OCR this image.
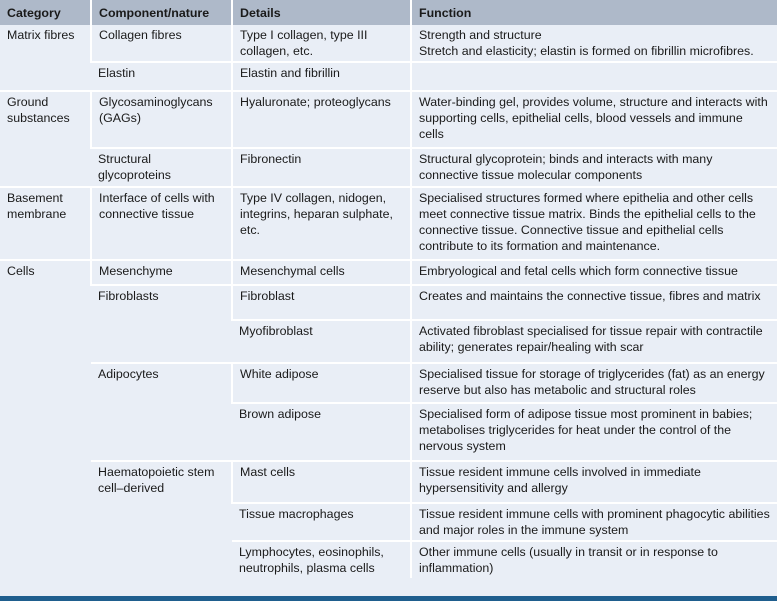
Category	Component/nature	Details	Function
Matrix fibres	Collagen fibres	Type I collagen, type III collagen, etc.	Strength and structure
Stretch and elasticity; elastin is formed on fibrillin microfibres.

	Elastin	Elastin and fibrillin	
Ground substances	Glycosaminoglycans (GAGs)	Hyaluronate; proteoglycans	Water-binding gel, provides volume, structure and interacts with supporting cells, epithelial cells, blood vessels and immune cells
	Structural glycoproteins	Fibronectin	Structural glycoprotein; binds and interacts with many connective tissue molecular components
Basement membrane	Interface of cells with connective tissue	Type IV collagen, nidogen, integrins, heparan sulphate, etc.	Specialised structures formed where epithelia and other cells meet connective tissue matrix. Binds the epithelial cells to the connective tissue. Connective tissue and epithelial cells contribute to its formation and maintenance.
Cells	Mesenchyme	Mesenchymal cells	Embryological and fetal cells which form connective tissue
	Fibroblasts	Fibroblast	Creates and maintains the connective tissue, fibres and matrix
		Myofibroblast	Activated fibroblast specialised for tissue repair with contractile ability; generates repair/healing with scar
	Adipocytes	White adipose	Specialised tissue for storage of triglycerides (fat) as an energy reserve but also has metabolic and structural roles
		Brown adipose	Specialised form of adipose tissue most prominent in babies; metabolises triglycerides for heat under the control of the nervous system
	Haematopoietic stem cell–derived	Mast cells	Tissue resident immune cells involved in immediate hypersensitivity and allergy
		Tissue macrophages	Tissue resident immune cells with prominent phagocytic abilities and major roles in the immune system
		Lymphocytes, eosinophils, neutrophils, plasma cells	Other immune cells (usually in transit or in response to inflammation)
